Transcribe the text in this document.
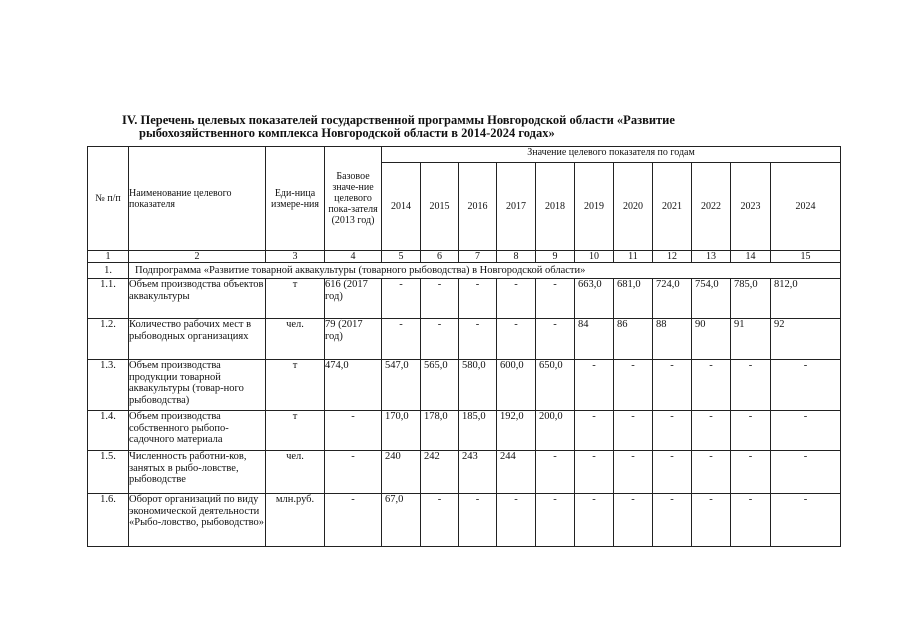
IV. Перечень целевых показателей государственной программы Новгородской области «Развитие
рыбохозяйственного комплекса Новгородской области в 2014-2024 годах»
№ п/п	Наименование целевого показателя	Еди-ница измере-ния	Базовое значе-ние целевого пока-зателя (2013 год)	Значение целевого показателя по годам										
				2014	2015	2016	2017	2018	2019	2020	2021	2022	2023	2024
1	2	3	4	5	6	7	8	9	10	11	12	13	14	15
1.	Подпрограмма «Развитие товарной аквакультуры (товарного рыбоводства) в Новгородской области»													
1.1.	Объем производства объектов аквакультуры	т	616 (2017 год)	-	-	-	-	-	663,0	681,0	724,0	754,0	785,0	812,0
1.2.	Количество рабочих мест в рыбоводных организациях	чел.	79 (2017 год)	-	-	-	-	-	84	86	88	90	91	92
1.3.	Объем производства продукции товарной аквакультуры (товар-ного рыбоводства)	т	474,0	547,0	565,0	580,0	600,0	650,0	-	-	-	-	-	-
1.4.	Объем производства собственного рыбопо-садочного материала	т	-	170,0	178,0	185,0	192,0	200,0	-	-	-	-	-	-
1.5.	Численность работни-ков, занятых в рыбо-ловстве, рыбоводстве	чел.	-	240	242	243	244	-	-	-	-	-	-	-
1.6.	Оборот организаций по виду экономической деятельности «Рыбо-ловство, рыбоводство»	млн.руб.	-	67,0	-	-	-	-	-	-	-	-	-	-
